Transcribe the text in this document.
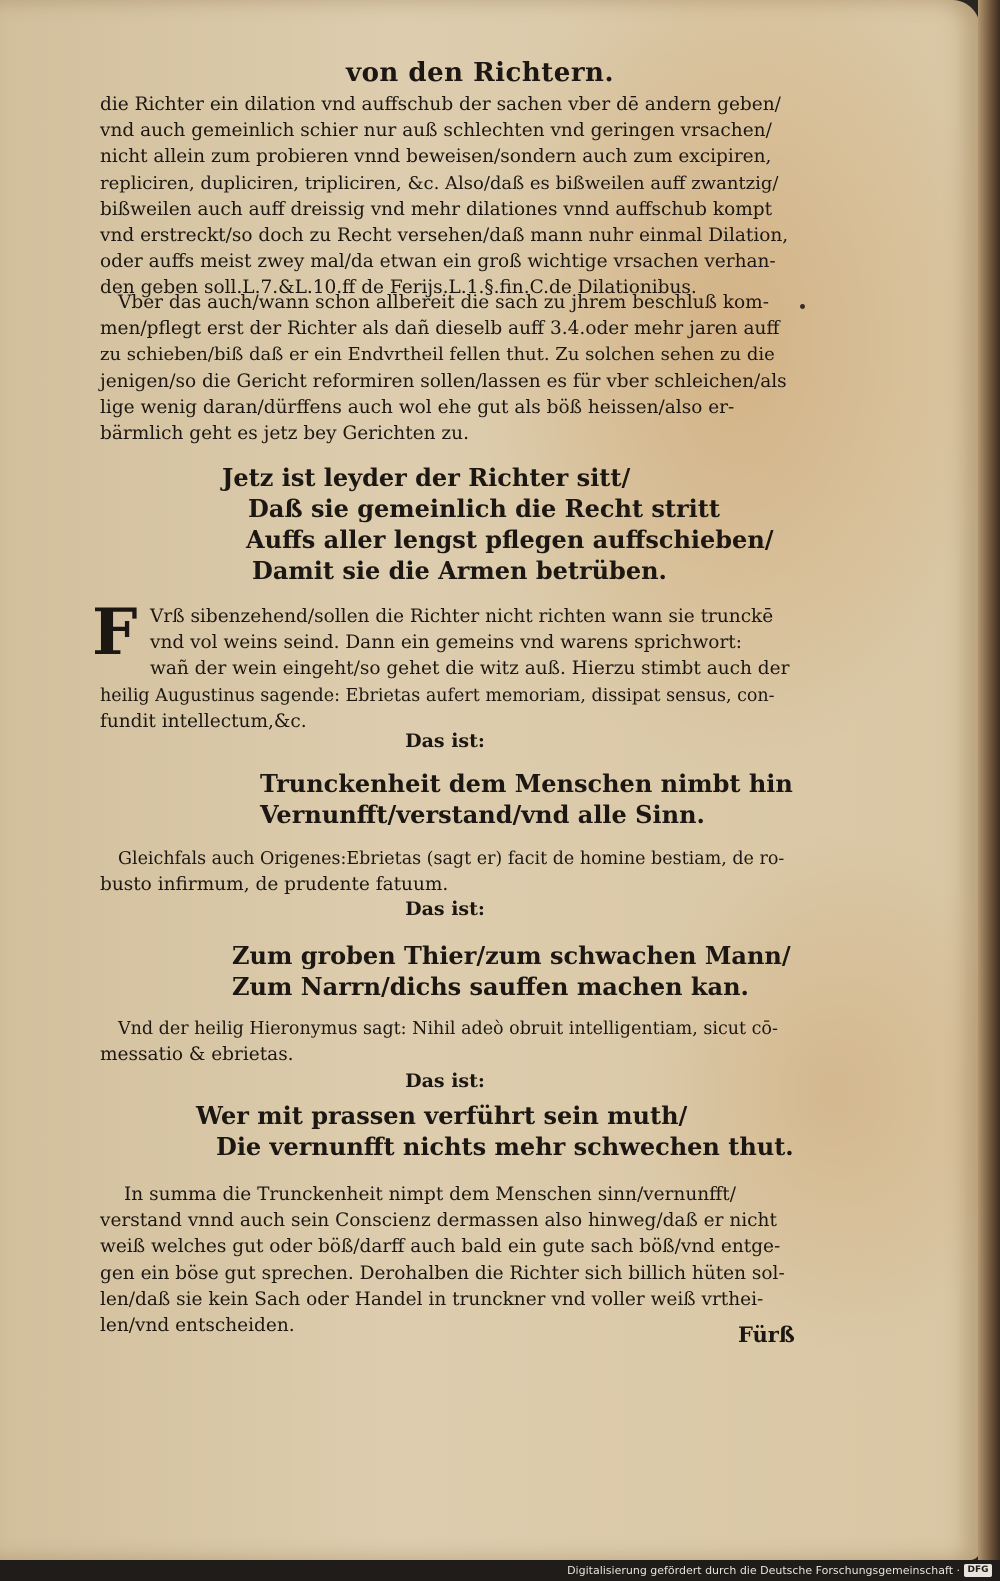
von den Richtern.
die Richter ein dilation vnd auffschub der sachen vber dē andern geben/
vnd auch gemeinlich schier nur auß schlechten vnd geringen vrsachen/
nicht allein zum probieren vnnd beweisen/sondern auch zum excipiren,
repliciren, dupliciren, tripliciren, &c. Also/daß es bißweilen auff zwantzig/
bißweilen auch auff dreissig vnd mehr dilationes vnnd auffschub kompt
vnd erstreckt/so doch zu Recht versehen/daß mann nuhr einmal Dilation,
oder auffs meist zwey mal/da etwan ein groß wichtige vrsachen verhan-
den geben soll.L.7.&L.10.ff de Ferijs.L.1.§.fin.C.de Dilationibus.
Vber das auch/wann schon allbereit die sach zu jhrem beschluß kom-
men/pflegt erst der Richter als dañ dieselb auff 3.4.oder mehr jaren auff
zu schieben/biß daß er ein Endvrtheil fellen thut. Zu solchen sehen zu die
jenigen/so die Gericht reformiren sollen/lassen es für vber schleichen/als
lige wenig daran/dürffens auch wol ehe gut als böß heissen/also er-
bärmlich geht es jetz bey Gerichten zu.
Jetz ist leyder der Richter sitt/
Daß sie gemeinlich die Recht stritt
Auffs aller lengst pflegen auffschieben/
Damit sie die Armen betrüben.
Vrß sibenzehend/sollen die Richter nicht richten wann sie trunckē
vnd vol weins seind. Dann ein gemeins vnd warens sprichwort:
wañ der wein eingeht/so gehet die witz auß. Hierzu stimbt auch der
heilig Augustinus sagende: Ebrietas aufert memoriam, dissipat sensus, con-
fundit intellectum,&c.
Das ist:
Trunckenheit dem Menschen nimbt hin
Vernunfft/verstand/vnd alle Sinn.
Gleichfals auch Origenes:Ebrietas (sagt er) facit de homine bestiam, de ro-
busto infirmum, de prudente fatuum.
Das ist:
Zum groben Thier/zum schwachen Mann/
Zum Narrn/dichs sauffen machen kan.
Vnd der heilig Hieronymus sagt: Nihil adeò obruit intelligentiam, sicut cō-
messatio & ebrietas.
Das ist:
Wer mit prassen verführt sein muth/
Die vernunfft nichts mehr schwechen thut.
In summa die Trunckenheit nimpt dem Menschen sinn/vernunfft/
verstand vnnd auch sein Conscienz dermassen also hinweg/daß er nicht
weiß welches gut oder böß/darff auch bald ein gute sach böß/vnd entge-
gen ein böse gut sprechen. Derohalben die Richter sich billich hüten sol-
len/daß sie kein Sach oder Handel in trunckner vnd voller weiß vrthei-
len/vnd entscheiden.
F
Fürß
Digitalisierung gefördert durch die Deutsche Forschungsgemeinschaft · DFG
